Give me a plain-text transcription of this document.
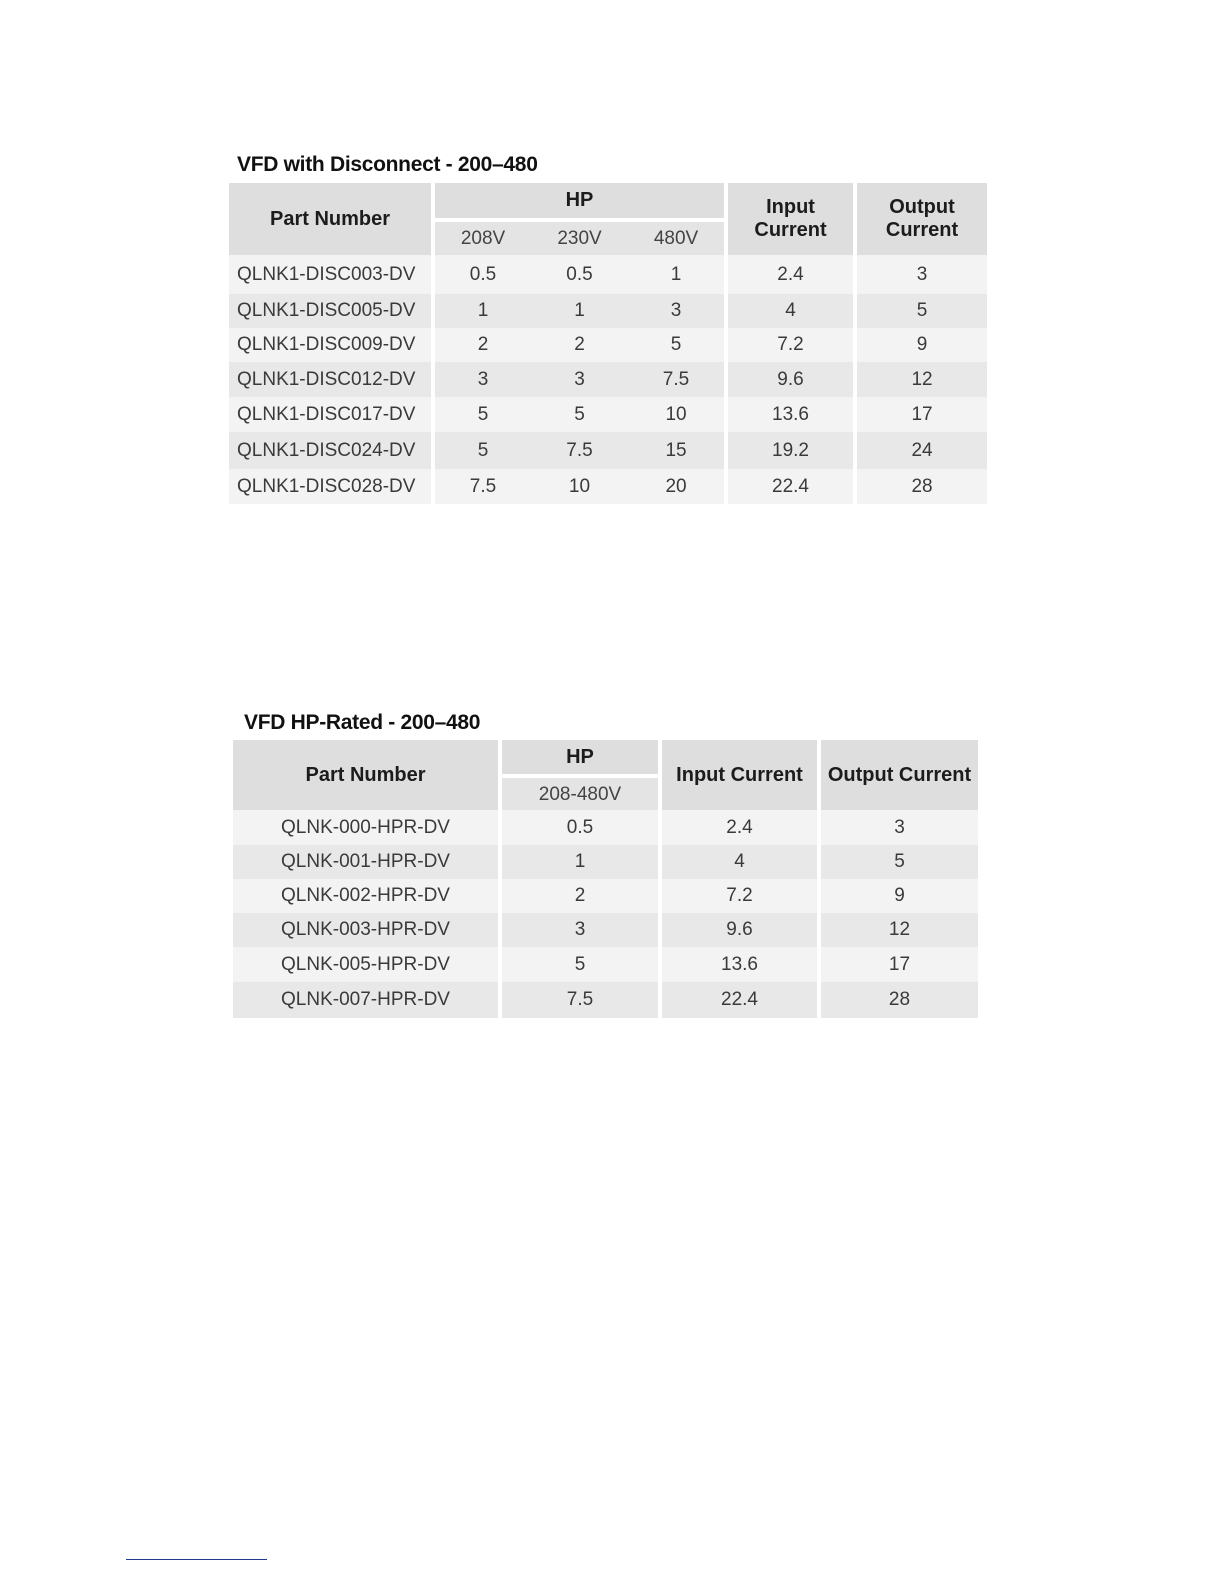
VFD with Disconnect - 200–480
Part Number	HP			Input Current	Output Current
	208V	230V	480V		
QLNK1-DISC003-DV	0.5	0.5	1	2.4	3
QLNK1-DISC005-DV	1	1	3	4	5
QLNK1-DISC009-DV	2	2	5	7.2	9
QLNK1-DISC012-DV	3	3	7.5	9.6	12
QLNK1-DISC017-DV	5	5	10	13.6	17
QLNK1-DISC024-DV	5	7.5	15	19.2	24
QLNK1-DISC028-DV	7.5	10	20	22.4	28
VFD HP-Rated - 200–480
Part Number	HP	Input Current	Output Current
	208-480V		
QLNK-000-HPR-DV	0.5	2.4	3
QLNK-001-HPR-DV	1	4	5
QLNK-002-HPR-DV	2	7.2	9
QLNK-003-HPR-DV	3	9.6	12
QLNK-005-HPR-DV	5	13.6	17
QLNK-007-HPR-DV	7.5	22.4	28
